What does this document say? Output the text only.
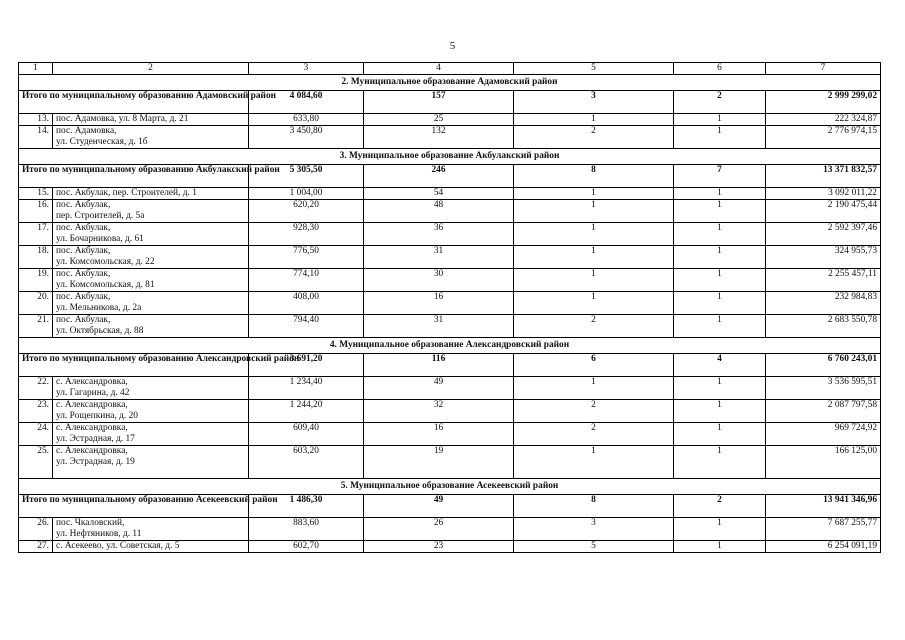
5
1	2	3	4	5	6	7
2. Муниципальное образование Адамовский район						
Итого по муниципальному образованию Адамовский район		4 084,60	157	3	2	2 999 299,02
13.	пос. Адамовка, ул. 8 Марта, д. 21	633,80	25	1	1	222 324,87
14.	пос. Адамовка,
ул. Студенческая, д. 1б	3 450,80	132	2	1	2 776 974,15
3. Муниципальное образование Акбулакский район						
Итого по муниципальному образованию Акбулакский район		5 305,50	246	8	7	13 371 832,57
15.	пос. Акбулак, пер. Строителей, д. 1	1 004,00	54	1	1	3 092 011,22
16.	пос. Акбулак,
пер. Строителей, д. 5а	620,20	48	1	1	2 190 475,44
17.	пос. Акбулак,
ул. Бочарникова, д. 61	928,30	36	1	1	2 592 397,46
18.	пос. Акбулак,
ул. Комсомольская, д. 22	776,50	31	1	1	324 955,73
19.	пос. Акбулак,
ул. Комсомольская, д. 81	774,10	30	1	1	2 255 457,11
20.	пос. Акбулак,
ул. Мельникова, д. 2а	408,00	16	1	1	232 984,83
21.	пос. Акбулак,
ул. Октябрьская, д. 88	794,40	31	2	1	2 683 550,78
4. Муниципальное образование Александровский район						
Итого по муниципальному образованию Александровский район		3 691,20	116	6	4	6 760 243,01
22.	с. Александровка,
ул. Гагарина, д. 42	1 234,40	49	1	1	3 536 595,51
23.	с. Александровка,
ул. Рощепкина, д. 20	1 244,20	32	2	1	2 087 797,58
24.	с. Александровка,
ул. Эстрадная, д. 17	609,40	16	2	1	969 724,92
25.	с. Александровка,
ул. Эстрадная, д. 19	603,20	19	1	1	166 125,00
5. Муниципальное образование Асекеевский район						
Итого по муниципальному образованию Асекеевский район		1 486,30	49	8	2	13 941 346,96
26.	пос. Чкаловский,
ул. Нефтяников, д. 11	883,60	26	3	1	7 687 255,77
27.	с. Асекеево, ул. Советская, д. 5	602,70	23	5	1	6 254 091,19
